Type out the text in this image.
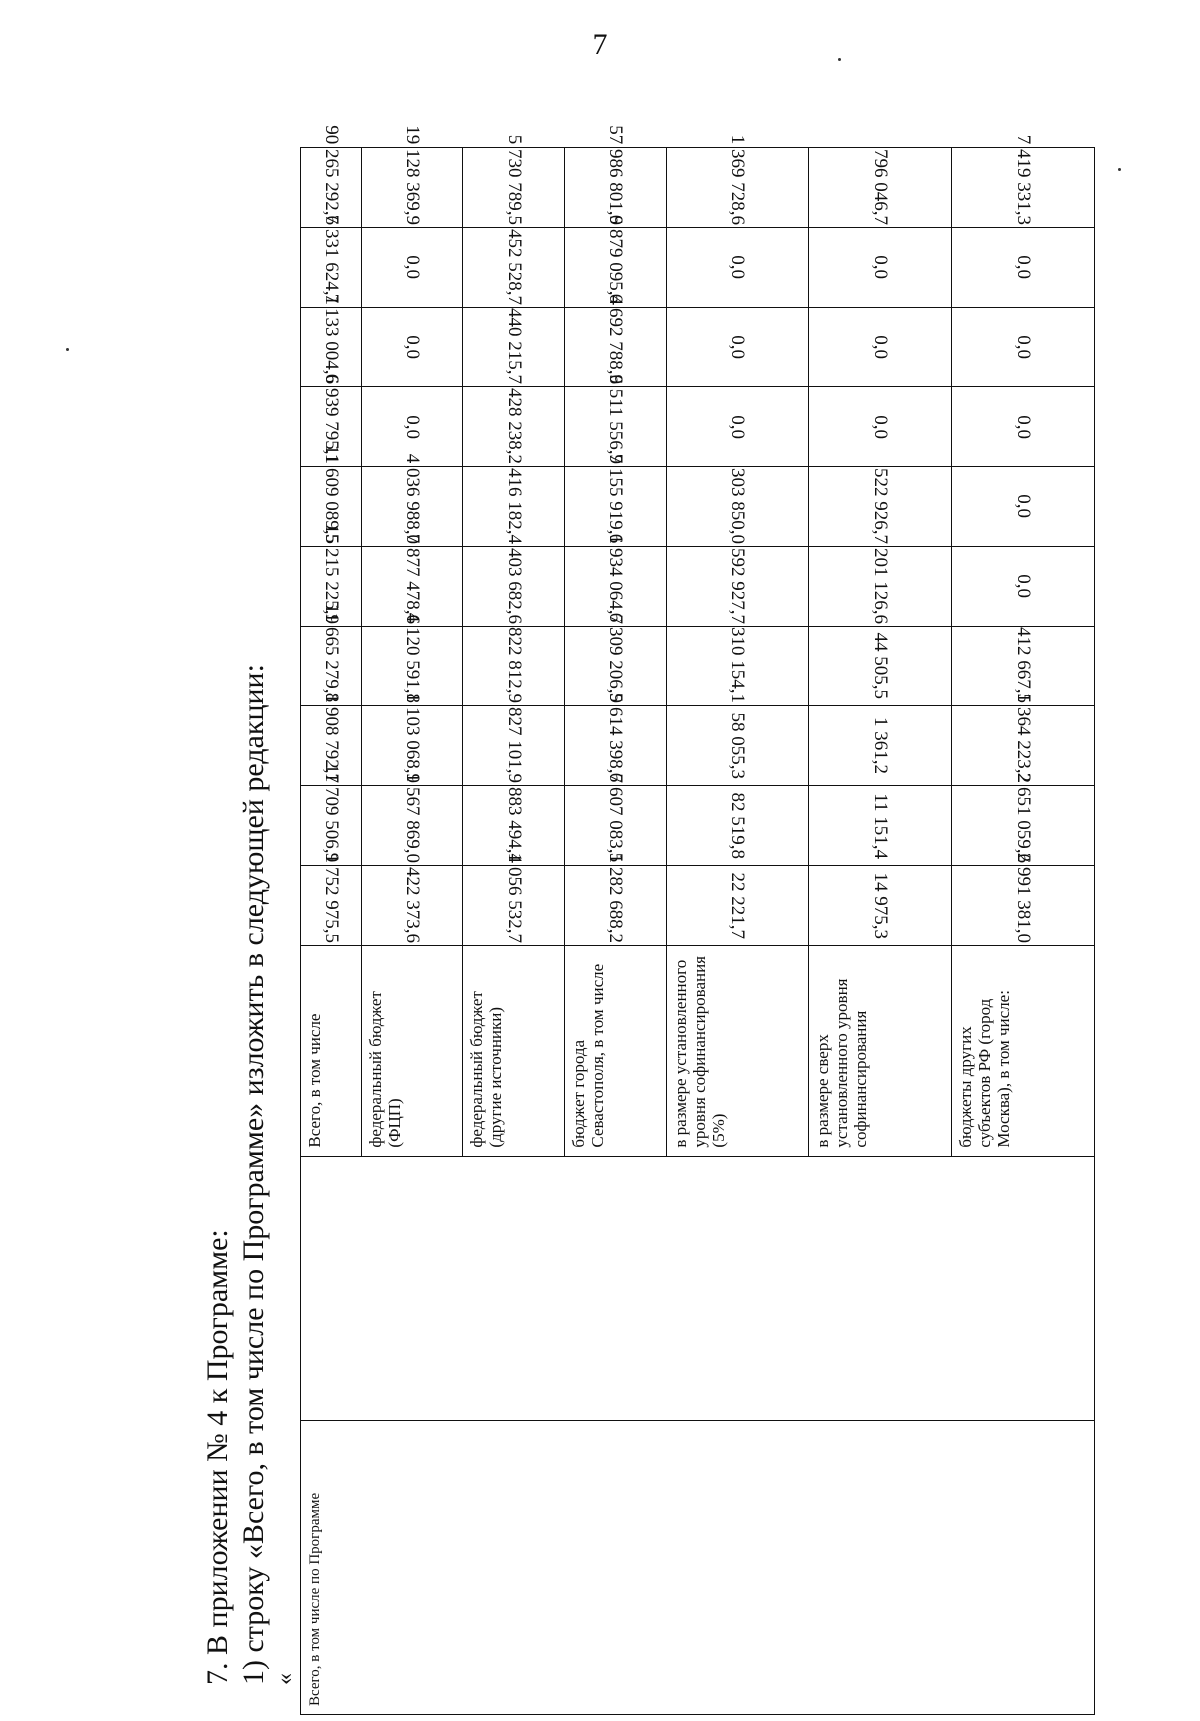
7
7. В приложении № 4 к Программе: 1) строку «Всего, в том числе по Программе» изложить в следующей редакции: « Всего, в том числе по Программе		Всего, в том числе	9 752 975,5	11 709 506,1	8 908 792,7	11 665 279,1	15 215 225,9	11 609 089,5	6 939 795,1	7 133 004,6	7 331 624,1	90 265 292,6
		федеральный бюджет (ФЦП)	422 373,6	1 567 869,0	1 103 068,9	4 120 591,8	7 877 478,6	4 036 988,0	0,0	0,0	0,0	19 128 369,9
		федеральный бюджет (другие источники)	1 056 532,7	883 494,4	827 101,9	822 812,9	403 682,6	416 182,4	428 238,2	440 215,7	452 528,7	5 730 789,5
		бюджет города Севастополя, в том числе	5 282 688,2	6 607 083,1	5 614 398,7	6 309 206,9	6 934 064,7	7 155 919,1	6 511 556,9	6 692 788,9	6 879 095,4	57 986 801,9
		в размере установленного уровня софинансирования (5%)	22 221,7	82 519,8	58 055,3	310 154,1	592 927,7	303 850,0	0,0	0,0	0,0	1 369 728,6
		в размере сверх установленного уровня софинансирования	14 975,3	11 151,4	1 361,2	44 505,5	201 126,6	522 926,7	0,0	0,0	0,0	796 046,7
		бюджеты других субъектов РФ (город Москва), в том числе:	2 991 381,0	2 651 059,6	1 364 223,2	412 667,5	0,0	0,0	0,0	0,0	0,0	7 419 331,3
